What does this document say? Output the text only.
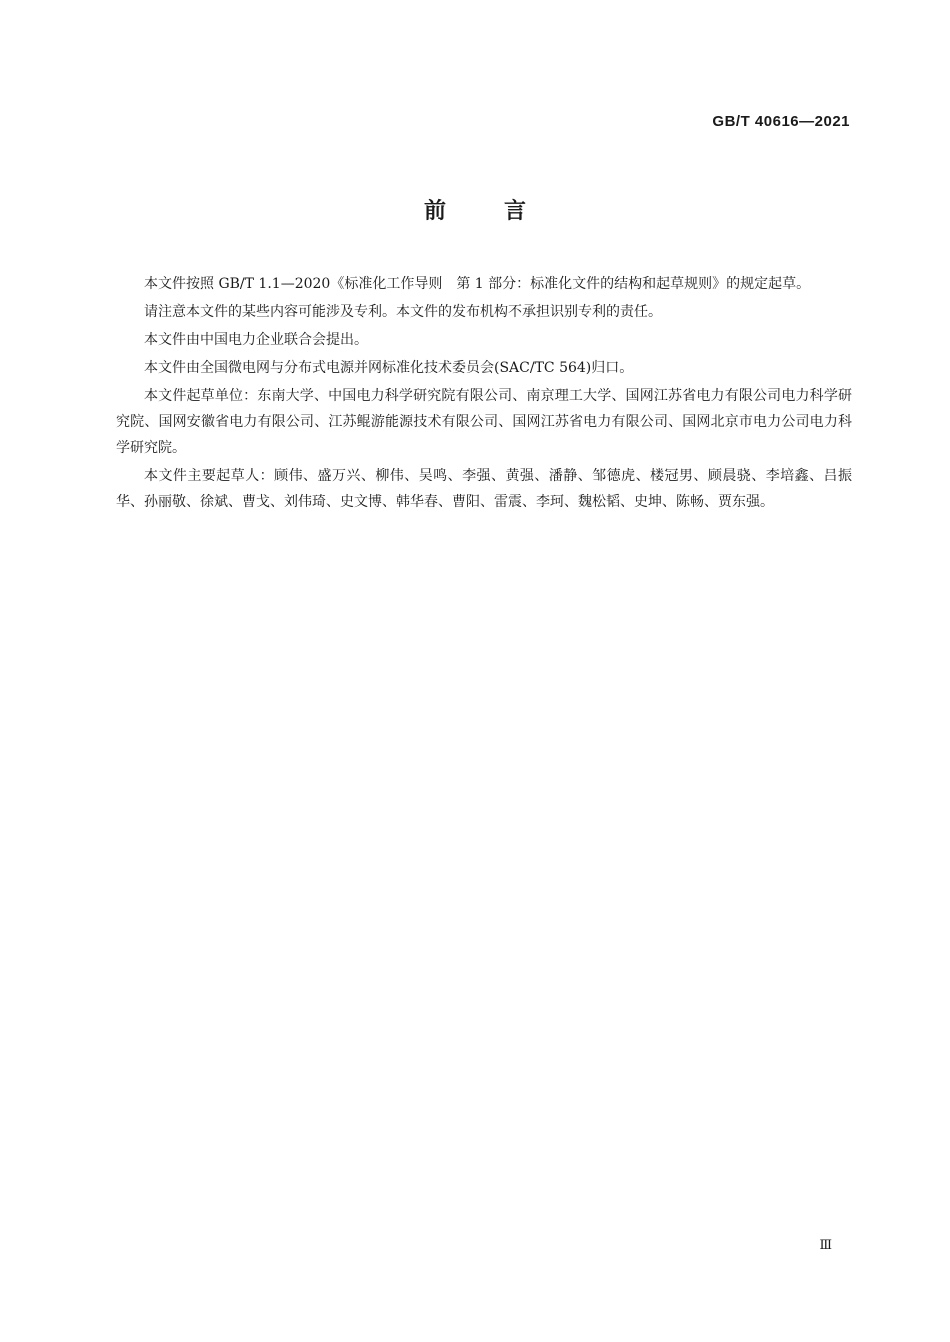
GB/T 40616—2021
前言

本文件按照 GB/T 1.1—2020《标准化工作导则　第 1 部分：标准化文件的结构和起草规则》的规定起草。

请注意本文件的某些内容可能涉及专利。本文件的发布机构不承担识别专利的责任。

本文件由中国电力企业联合会提出。

本文件由全国微电网与分布式电源并网标准化技术委员会(SAC/TC 564)归口。

本文件起草单位：东南大学、中国电力科学研究院有限公司、南京理工大学、国网江苏省电力有限公司电力科学研究院、国网安徽省电力有限公司、江苏鲲游能源技术有限公司、国网江苏省电力有限公司、国网北京市电力公司电力科学研究院。

本文件主要起草人：顾伟、盛万兴、柳伟、吴鸣、李强、黄强、潘静、邹德虎、楼冠男、顾晨骁、李培鑫、吕振华、孙丽敬、徐斌、曹戈、刘伟琦、史文博、韩华春、曹阳、雷震、李珂、魏松韬、史坤、陈畅、贾东强。

Ⅲ
